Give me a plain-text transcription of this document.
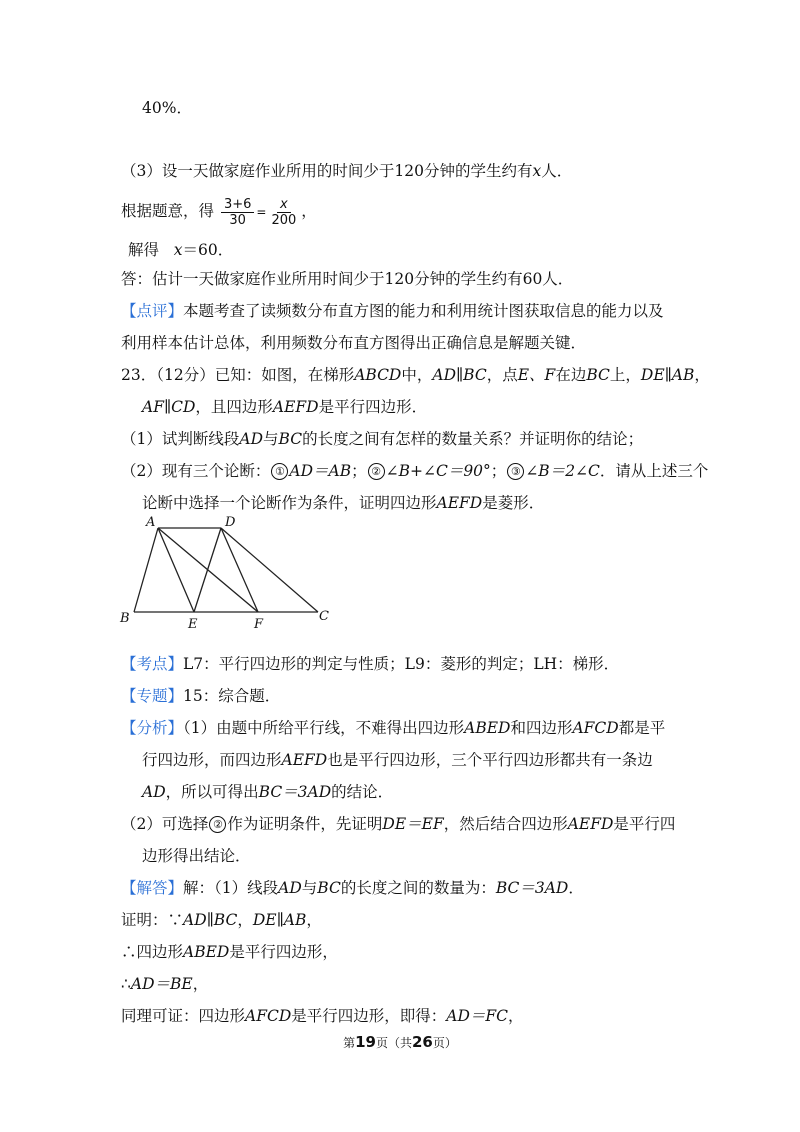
40%．
（3）设一天做家庭作业所用的时间少于120分钟的学生约有x人．
根据题意，得 $\frac{3+6}{30} = \frac{x}{200}$ ，
解得 x＝60．
答：估计一天做家庭作业所用时间少于120分钟的学生约有60人．
【点评】本题考查了读频数分布直方图的能力和利用统计图获取信息的能力以及
利用样本估计总体，利用频数分布直方图得出正确信息是解题关键．
23．（12分）已知：如图，在梯形ABCD中，AD∥BC，点E、F在边BC上，DE∥AB，
AF∥CD，且四边形AEFD是平行四边形．
（1）试判断线段AD与BC的长度之间有怎样的数量关系？并证明你的结论；
（2）现有三个论断： ① AD＝AB； ② ∠B+∠C＝90°； ③ ∠B＝2∠C．请从上述三个
论断中选择一个论断作为条件，证明四边形AEFD是菱形．
A	D
B	E	F
C
【考点】L7：平行四边形的判定与性质；L9：菱形的判定；LH：梯形．
【专题】15：综合题．
【分析】（1）由题中所给平行线，不难得出四边形ABED和四边形AFCD都是平
行四边形，而四边形AEFD也是平行四边形，三个平行四边形都共有一条边
AD，所以可得出BC＝3AD的结论．
（2）可选择 ② 作为证明条件，先证明DE＝EF，然后结合四边形AEFD是平行四
边形得出结论．
【解答】解：（1）线段AD与BC的长度之间的数量为：BC＝3AD．
证明：∵AD∥BC，DE∥AB，
∴四边形ABED是平行四边形，
∴AD＝BE，
同理可证：四边形AFCD是平行四边形，即得：AD＝FC，
第19页（共26页）
